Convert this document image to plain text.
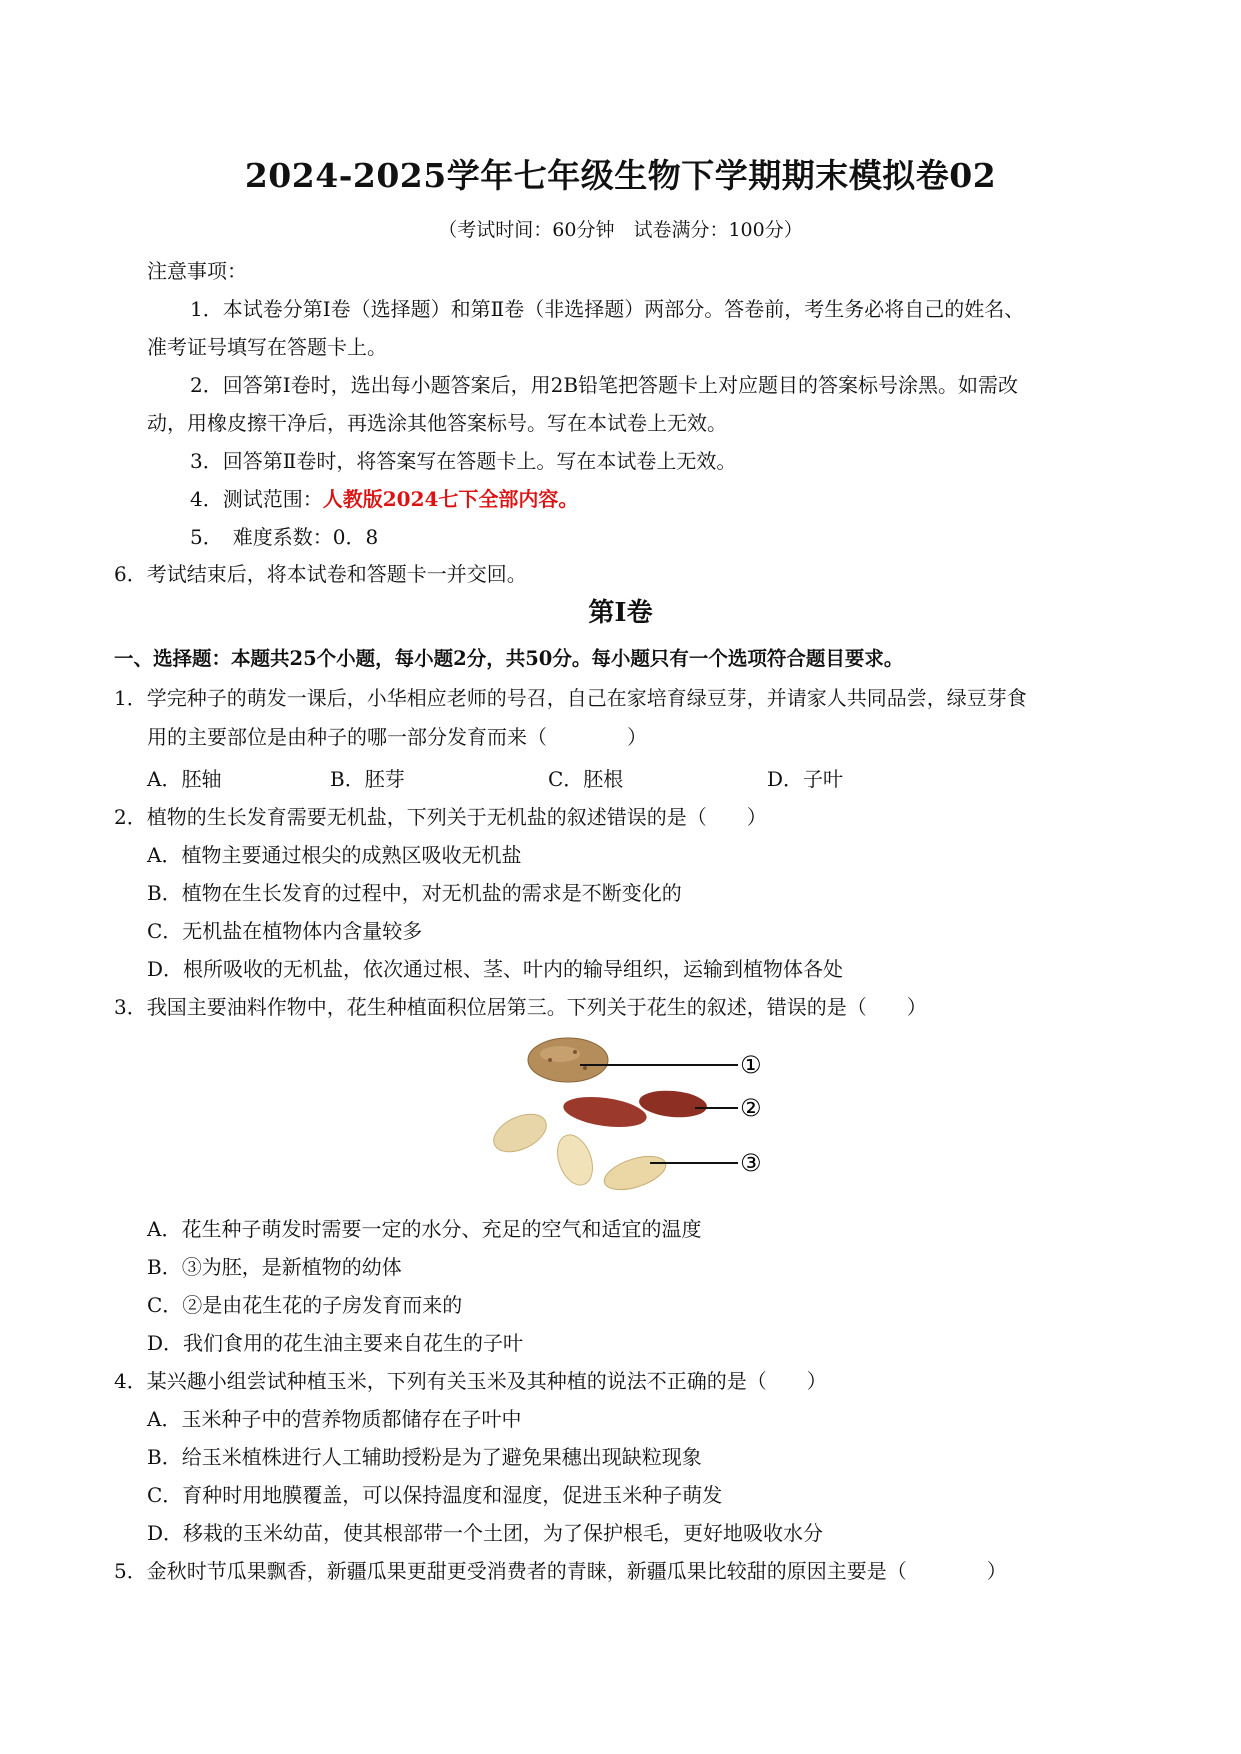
2024-2025学年七年级生物下学期期末模拟卷02
（考试时间：60分钟　试卷满分：100分）
注意事项：
1．本试卷分第Ⅰ卷（选择题）和第Ⅱ卷（非选择题）两部分。答卷前，考生务必将自己的姓名、
准考证号填写在答题卡上。
2．回答第Ⅰ卷时，选出每小题答案后，用2B铅笔把答题卡上对应题目的答案标号涂黑。如需改
动，用橡皮擦干净后，再选涂其他答案标号。写在本试卷上无效。
3．回答第Ⅱ卷时，将答案写在答题卡上。写在本试卷上无效。
4．测试范围：人教版2024七下全部内容。
5．　难度系数：0．8
6．考试结束后，将本试卷和答题卡一并交回。
第Ⅰ卷
一、选择题：本题共25个小题，每小题2分，共50分。每小题只有一个选项符合题目要求。
1．学完种子的萌发一课后，小华相应老师的号召，自己在家培育绿豆芽，并请家人共同品尝，绿豆芽食
用的主要部位是由种子的哪一部分发育而来（　　　　）
A．胚轴	B．胚芽	C．胚根	D．子叶
2．植物的生长发育需要无机盐，下列关于无机盐的叙述错误的是（　　）
A．植物主要通过根尖的成熟区吸收无机盐
B．植物在生长发育的过程中，对无机盐的需求是不断变化的
C．无机盐在植物体内含量较多
D．根所吸收的无机盐，依次通过根、茎、叶内的输导组织，运输到植物体各处
3．我国主要油料作物中，花生种植面积位居第三。下列关于花生的叙述，错误的是（　　）
①
②
③
A．花生种子萌发时需要一定的水分、充足的空气和适宜的温度
B．③为胚，是新植物的幼体
C．②是由花生花的子房发育而来的
D．我们食用的花生油主要来自花生的子叶
4．某兴趣小组尝试种植玉米，下列有关玉米及其种植的说法不正确的是（　　）
A．玉米种子中的营养物质都储存在子叶中
B．给玉米植株进行人工辅助授粉是为了避免果穗出现缺粒现象
C．育种时用地膜覆盖，可以保持温度和湿度，促进玉米种子萌发
D．移栽的玉米幼苗，使其根部带一个土团，为了保护根毛，更好地吸收水分
5．金秋时节瓜果飘香，新疆瓜果更甜更受消费者的青睐，新疆瓜果比较甜的原因主要是（　　　　）
